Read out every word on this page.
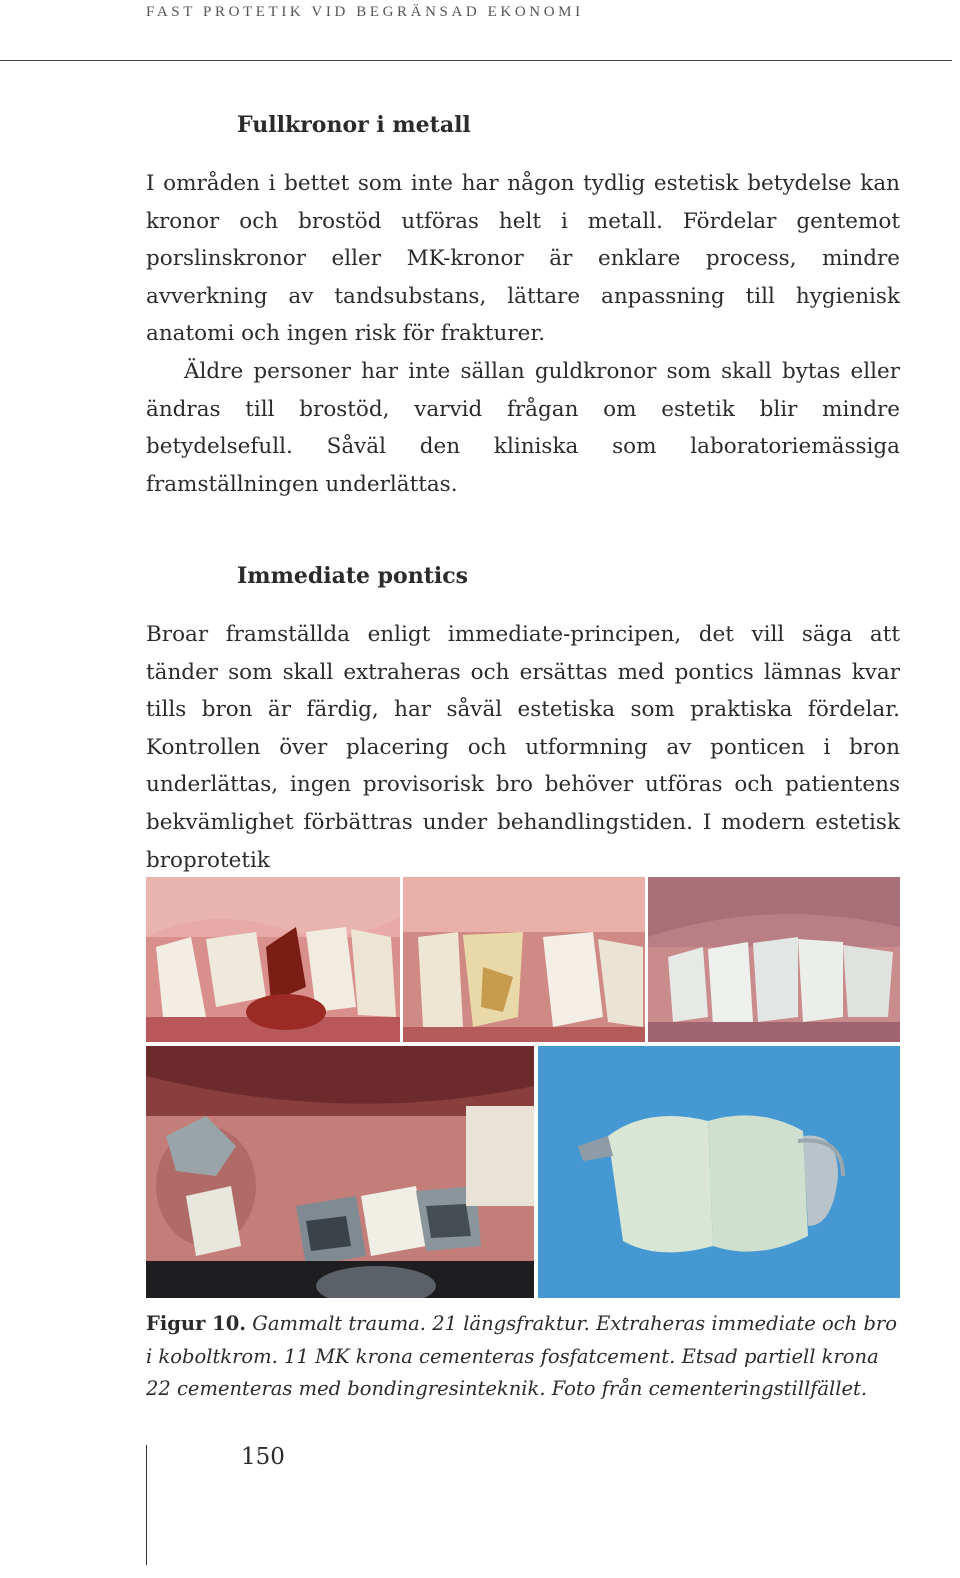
FAST PROTETIK VID BEGRÄNSAD EKONOMI
Fullkronor i metall

I områden i bettet som inte har någon tydlig estetisk betydelse kan kronor och brostöd utföras helt i metall. Fördelar gentemot porslinskronor eller MK-kronor är enklare process, mindre avverkning av tandsubstans, lättare anpassning till hygienisk anatomi och ingen risk för frakturer.

Äldre personer har inte sällan guldkronor som skall bytas eller ändras till brostöd, varvid frågan om estetik blir mindre betydelsefull. Såväl den kliniska som laboratoriemässiga framställningen underlättas.

Immediate pontics

Broar framställda enligt immediate-principen, det vill säga att tänder som skall extraheras och ersättas med pontics lämnas kvar tills bron är färdig, har såväl estetiska som praktiska fördelar. Kontrollen över placering och utformning av ponticen i bron underlättas, ingen provisorisk bro behöver utföras och patientens bekvämlighet förbättras under behandlingstiden. I modern estetisk broprotetik

Figur 10. Gammalt trauma. 21 längsfraktur. Extraheras immediate och bro i koboltkrom. 11 MK krona cementeras fosfatcement. Etsad partiell krona 22 cementeras med bondingresinteknik. Foto från cementeringstillfället.
150
